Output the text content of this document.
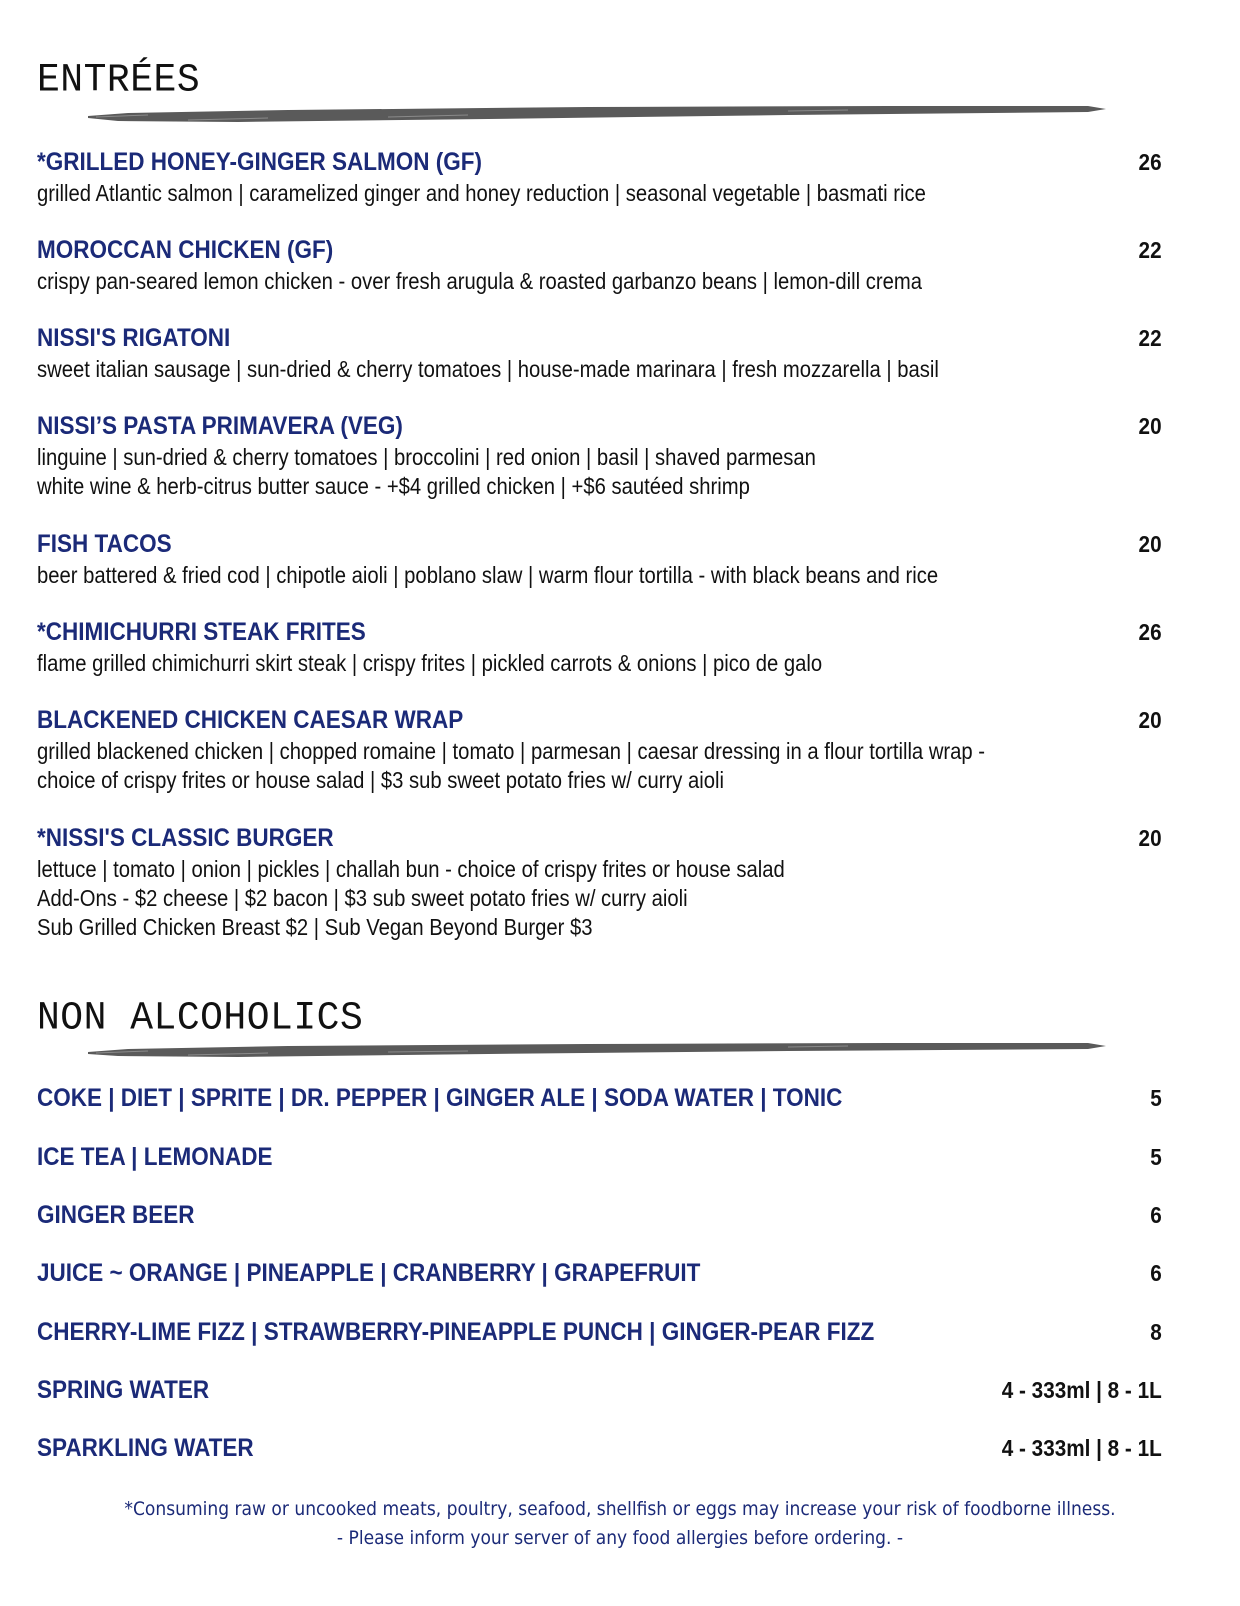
ENTRÉES
*GRILLED HONEY-GINGER SALMON (GF)	26
grilled Atlantic salmon | caramelized ginger and honey reduction | seasonal vegetable | basmati rice
MOROCCAN CHICKEN (GF)	22
crispy pan-seared lemon chicken - over fresh arugula & roasted garbanzo beans | lemon-dill crema
NISSI'S RIGATONI	22
sweet italian sausage | sun-dried & cherry tomatoes | house-made marinara | fresh mozzarella | basil
NISSI’S PASTA PRIMAVERA (VEG)	20
linguine | sun-dried & cherry tomatoes | broccolini | red onion | basil | shaved parmesan
white wine & herb-citrus butter sauce - +$4 grilled chicken | +$6 sautéed shrimp
FISH TACOS	20
beer battered & fried cod | chipotle aioli | poblano slaw | warm flour tortilla - with black beans and rice
*CHIMICHURRI STEAK FRITES	26
flame grilled chimichurri skirt steak | crispy frites | pickled carrots & onions | pico de galo
BLACKENED CHICKEN CAESAR WRAP	20
grilled blackened chicken | chopped romaine | tomato | parmesan | caesar dressing in a flour tortilla wrap -
choice of crispy frites or house salad | $3 sub sweet potato fries w/ curry aioli
*NISSI'S CLASSIC BURGER	20
lettuce | tomato | onion | pickles | challah bun - choice of crispy frites or house salad
Add-Ons - $2 cheese | $2 bacon | $3 sub sweet potato fries w/ curry aioli
Sub Grilled Chicken Breast $2 | Sub Vegan Beyond Burger $3
NON ALCOHOLICS
COKE | DIET | SPRITE | DR. PEPPER | GINGER ALE | SODA WATER | TONIC	5
ICE TEA | LEMONADE	5
GINGER BEER	6
JUICE ~ ORANGE | PINEAPPLE | CRANBERRY | GRAPEFRUIT	6
CHERRY-LIME FIZZ | STRAWBERRY-PINEAPPLE PUNCH | GINGER-PEAR FIZZ	8
SPRING WATER	4 - 333ml | 8 - 1L
SPARKLING WATER	4 - 333ml | 8 - 1L
*Consuming raw or uncooked meats, poultry, seafood, shellfish or eggs may increase your risk of foodborne illness.
- Please inform your server of any food allergies before ordering. -
